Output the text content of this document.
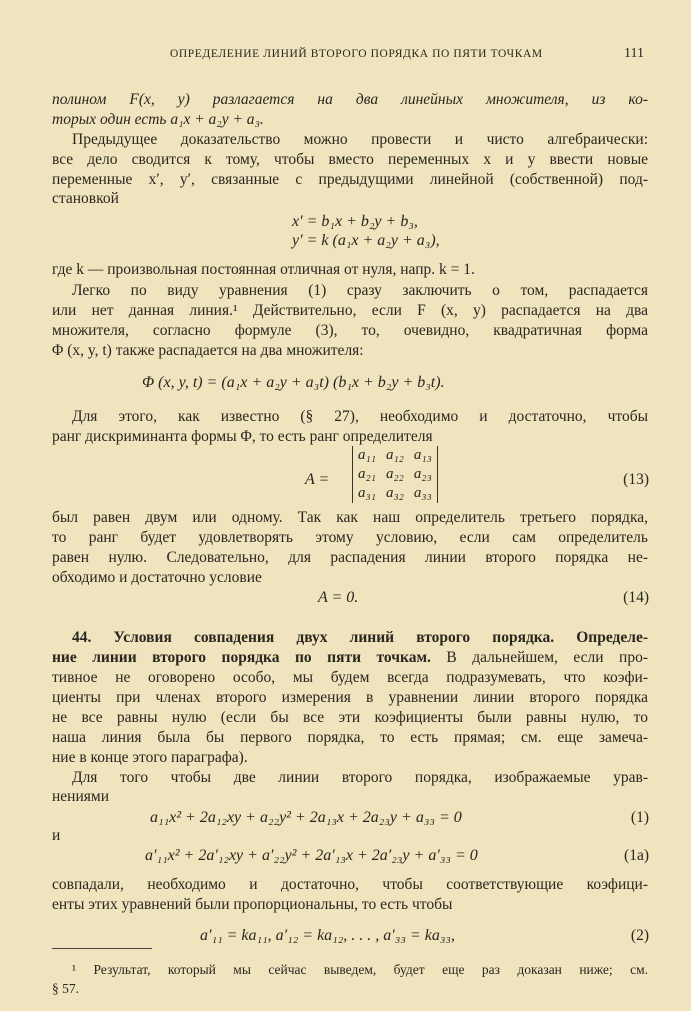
ОПРЕДЕЛЕНИЕ ЛИНИЙ ВТОРОГО ПОРЯДКА ПО ПЯТИ ТОЧКАМ	111
полином F(x, y) разлагается на два линейных множителя, из ко-
торых один есть a₁x + a₂y + a₃.
Предыдущее доказательство можно провести и чисто алгебраически:
все дело сводится к тому, чтобы вместо переменных x и y ввести новые
переменные x′, y′, связанные с предыдущими линейной (собственной) под-
становкой
x′ = b₁x + b₂y + b₃,
y′ = k (a₁x + a₂y + a₃),
где k — произвольная постоянная отличная от нуля, напр. k = 1.
Легко по виду уравнения (1) сразу заключить о том, распадается
или нет данная линия.¹ Действительно, если F (x, y) распадается на два
множителя, согласно формуле (3), то, очевидно, квадратичная форма
Φ (x, y, t) также распадается на два множителя:
Φ (x, y, t) = (a₁x + a₂y + a₃t) (b₁x + b₂y + b₃t).
Для этого, как известно (§ 27), необходимо и достаточно, чтобы
ранг дискриминанта формы Φ, то есть ранг определителя
A =
a₁₁ a₁₂ a₁₃
a₂₁ a₂₂ a₂₃
a₃₁ a₃₂ a₃₃
(13)
был равен двум или одному. Так как наш определитель третьего порядка,
то ранг будет удовлетворять этому условию, если сам определитель
равен нулю. Следовательно, для распадения линии второго порядка не-
обходимо и достаточно условие
A = 0.	(14)
44. Условия совпадения двух линий второго порядка. Определе-
ние линии второго порядка по пяти точкам. В дальнейшем, если про-
тивное не оговорено особо, мы будем всегда подразумевать, что коэфи-
циенты при членах второго измерения в уравнении линии второго порядка
не все равны нулю (если бы все эти коэфициенты были равны нулю, то
наша линия была бы первого порядка, то есть прямая; см. еще замеча-
ние в конце этого параграфа).
Для того чтобы две линии второго порядка, изображаемые урав-
нениями
a₁₁x² + 2a₁₂xy + a₂₂y² + 2a₁₃x + 2a₂₃y + a₃₃ = 0	(1)
и
a′₁₁x² + 2a′₁₂xy + a′₂₂y² + 2a′₁₃x + 2a′₂₃y + a′₃₃ = 0	(1a)
совпадали, необходимо и достаточно, чтобы соответствующие коэфици-
енты этих уравнений были пропорциональны, то есть чтобы
a′₁₁ = ka₁₁, a′₁₂ = ka₁₂, . . . , a′₃₃ = ka₃₃,	(2)
¹ Результат, который мы сейчас выведем, будет еще раз доказан ниже; см.
§ 57.
